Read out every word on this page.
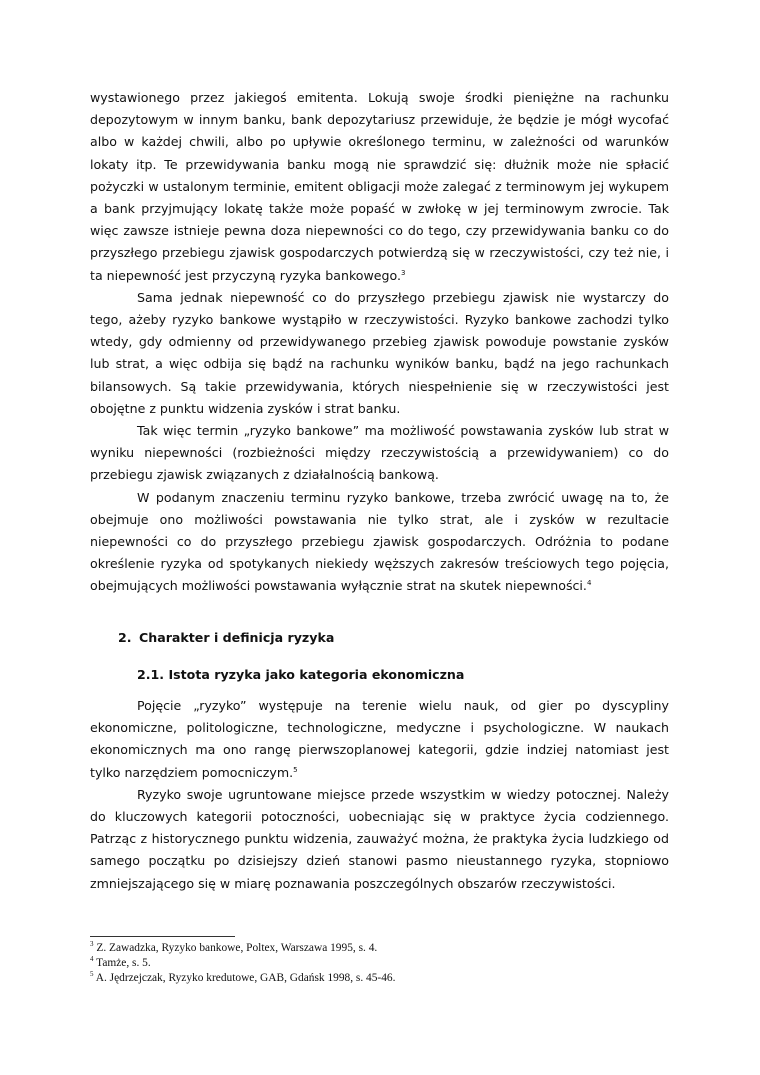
wystawionego przez jakiegoś emitenta. Lokują swoje środki pieniężne na rachunku depozytowym w innym banku, bank depozytariusz przewiduje, że będzie je mógł wycofać albo w każdej chwili, albo po upływie określonego terminu, w zależności od warunków lokaty itp. Te przewidywania banku mogą nie sprawdzić się: dłużnik może nie spłacić pożyczki w ustalonym terminie, emitent obligacji może zalegać z terminowym jej wykupem a bank przyjmujący lokatę także może popaść w zwłokę w jej terminowym zwrocie. Tak więc zawsze istnieje pewna doza niepewności co do tego, czy przewidywania banku co do przyszłego przebiegu zjawisk gospodarczych potwierdzą się w rzeczywistości, czy też nie, i ta niepewność jest przyczyną ryzyka bankowego.$^3$

Sama jednak niepewność co do przyszłego przebiegu zjawisk nie wystarczy do tego, ażeby ryzyko bankowe wystąpiło w rzeczywistości. Ryzyko bankowe zachodzi tylko wtedy, gdy odmienny od przewidywanego przebieg zjawisk powoduje powstanie zysków lub strat, a więc odbija się bądź na rachunku wyników banku, bądź na jego rachunkach bilansowych. Są takie przewidywania, których niespełnienie się w rzeczywistości jest obojętne z punktu widzenia zysków i strat banku.

Tak więc termin „ryzyko bankowe” ma możliwość powstawania zysków lub strat w wyniku niepewności (rozbieżności między rzeczywistością a przewidywaniem) co do przebiegu zjawisk związanych z działalnością bankową.

W podanym znaczeniu terminu ryzyko bankowe, trzeba zwrócić uwagę na to, że obejmuje ono możliwości powstawania nie tylko strat, ale i zysków w rezultacie niepewności co do przyszłego przebiegu zjawisk gospodarczych. Odróżnia to podane określenie ryzyka od spotykanych niekiedy węższych zakresów treściowych tego pojęcia, obejmujących możliwości powstawania wyłącznie strat na skutek niepewności.$^4$

2. Charakter i definicja ryzyka
2.1. Istota ryzyka jako kategoria ekonomiczna

Pojęcie „ryzyko” występuje na terenie wielu nauk, od gier po dyscypliny ekonomiczne, politologiczne, technologiczne, medyczne i psychologiczne. W naukach ekonomicznych ma ono rangę pierwszoplanowej kategorii, gdzie indziej natomiast jest tylko narzędziem pomocniczym.$^5$

Ryzyko swoje ugruntowane miejsce przede wszystkim w wiedzy potocznej. Należy do kluczowych kategorii potoczności, uobecniając się w praktyce życia codziennego. Patrząc z historycznego punktu widzenia, zauważyć można, że praktyka życia ludzkiego od samego początku po dzisiejszy dzień stanowi pasmo nieustannego ryzyka, stopniowo zmniejszającego się w miarę poznawania poszczególnych obszarów rzeczywistości.

$^3$ Z. Zawadzka, Ryzyko bankowe, Poltex, Warszawa 1995, s. 4.

$^4$ Tamże, s. 5.

$^5$ A. Jędrzejczak, Ryzyko kredutowe, GAB, Gdańsk 1998, s. 45-46.
